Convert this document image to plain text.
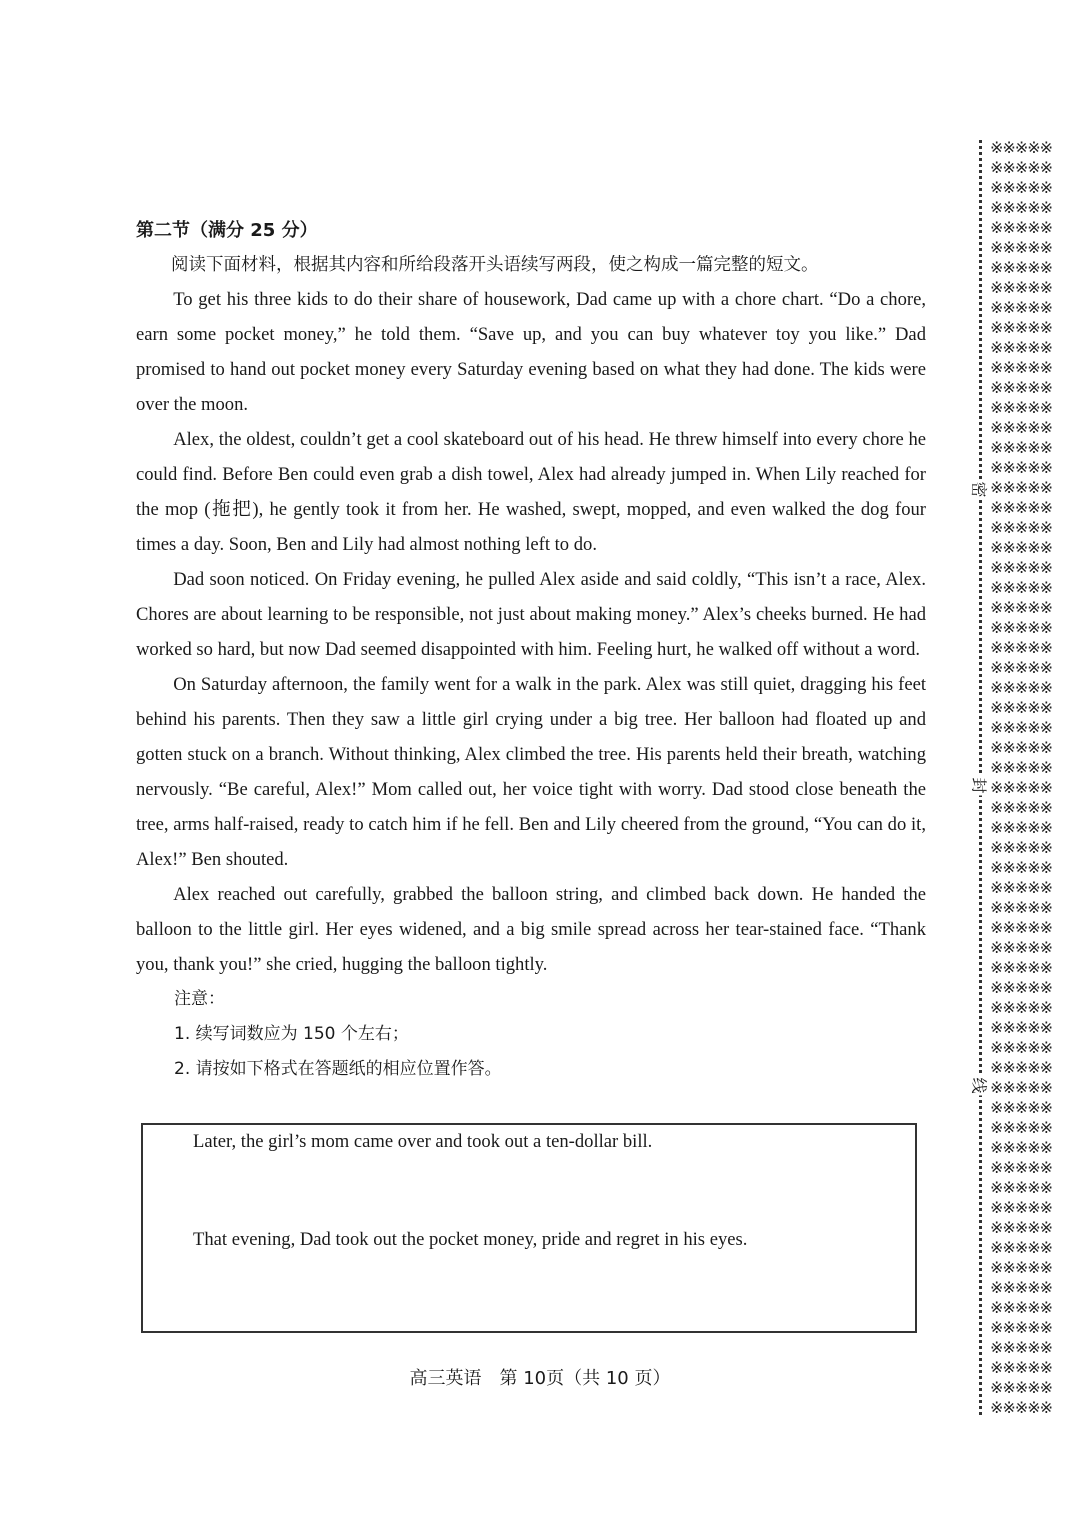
第二节（满分 25 分）
阅读下面材料，根据其内容和所给段落开头语续写两段，使之构成一篇完整的短文。

To get his three kids to do their share of housework, Dad came up with a chore chart. “Do a chore, earn some pocket money,” he told them. “Save up, and you can buy whatever toy you like.” Dad promised to hand out pocket money every Saturday evening based on what they had done. The kids were over the moon.

Alex, the oldest, couldn’t get a cool skateboard out of his head. He threw himself into every chore he could find. Before Ben could even grab a dish towel, Alex had already jumped in. When Lily reached for the mop (拖把), he gently took it from her. He washed, swept, mopped, and even walked the dog four times a day. Soon, Ben and Lily had almost nothing left to do.

Dad soon noticed. On Friday evening, he pulled Alex aside and said coldly, “This isn’t a race, Alex. Chores are about learning to be responsible, not just about making money.” Alex’s cheeks burned. He had worked so hard, but now Dad seemed disappointed with him. Feeling hurt, he walked off without a word.

On Saturday afternoon, the family went for a walk in the park. Alex was still quiet, dragging his feet behind his parents. Then they saw a little girl crying under a big tree. Her balloon had floated up and gotten stuck on a branch. Without thinking, Alex climbed the tree. His parents held their breath, watching nervously. “Be careful, Alex!” Mom called out, her voice tight with worry. Dad stood close beneath the tree, arms half-raised, ready to catch him if he fell. Ben and Lily cheered from the ground, “You can do it, Alex!” Ben shouted.

Alex reached out carefully, grabbed the balloon string, and climbed back down. He handed the balloon to the little girl. Her eyes widened, and a big smile spread across her tear-stained face. “Thank you, thank you!” she cried, hugging the balloon tightly.

注意：
1. 续写词数应为 150 个左右；
2. 请按如下格式在答题纸的相应位置作答。
Later, the girl’s mom came over and took out a ten-dollar bill.
That evening, Dad took out the pocket money, pride and regret in his eyes.
高三英语　第 10页（共 10 页）
密
封
线
※※※※※
※※※※※
※※※※※
※※※※※
※※※※※
※※※※※
※※※※※
※※※※※
※※※※※
※※※※※
※※※※※
※※※※※
※※※※※
※※※※※
※※※※※
※※※※※
※※※※※
※※※※※
※※※※※
※※※※※
※※※※※
※※※※※
※※※※※
※※※※※
※※※※※
※※※※※
※※※※※
※※※※※
※※※※※
※※※※※
※※※※※
※※※※※
※※※※※
※※※※※
※※※※※
※※※※※
※※※※※
※※※※※
※※※※※
※※※※※
※※※※※
※※※※※
※※※※※
※※※※※
※※※※※
※※※※※
※※※※※
※※※※※
※※※※※
※※※※※
※※※※※
※※※※※
※※※※※
※※※※※
※※※※※
※※※※※
※※※※※
※※※※※
※※※※※
※※※※※
※※※※※
※※※※※
※※※※※
※※※※※
